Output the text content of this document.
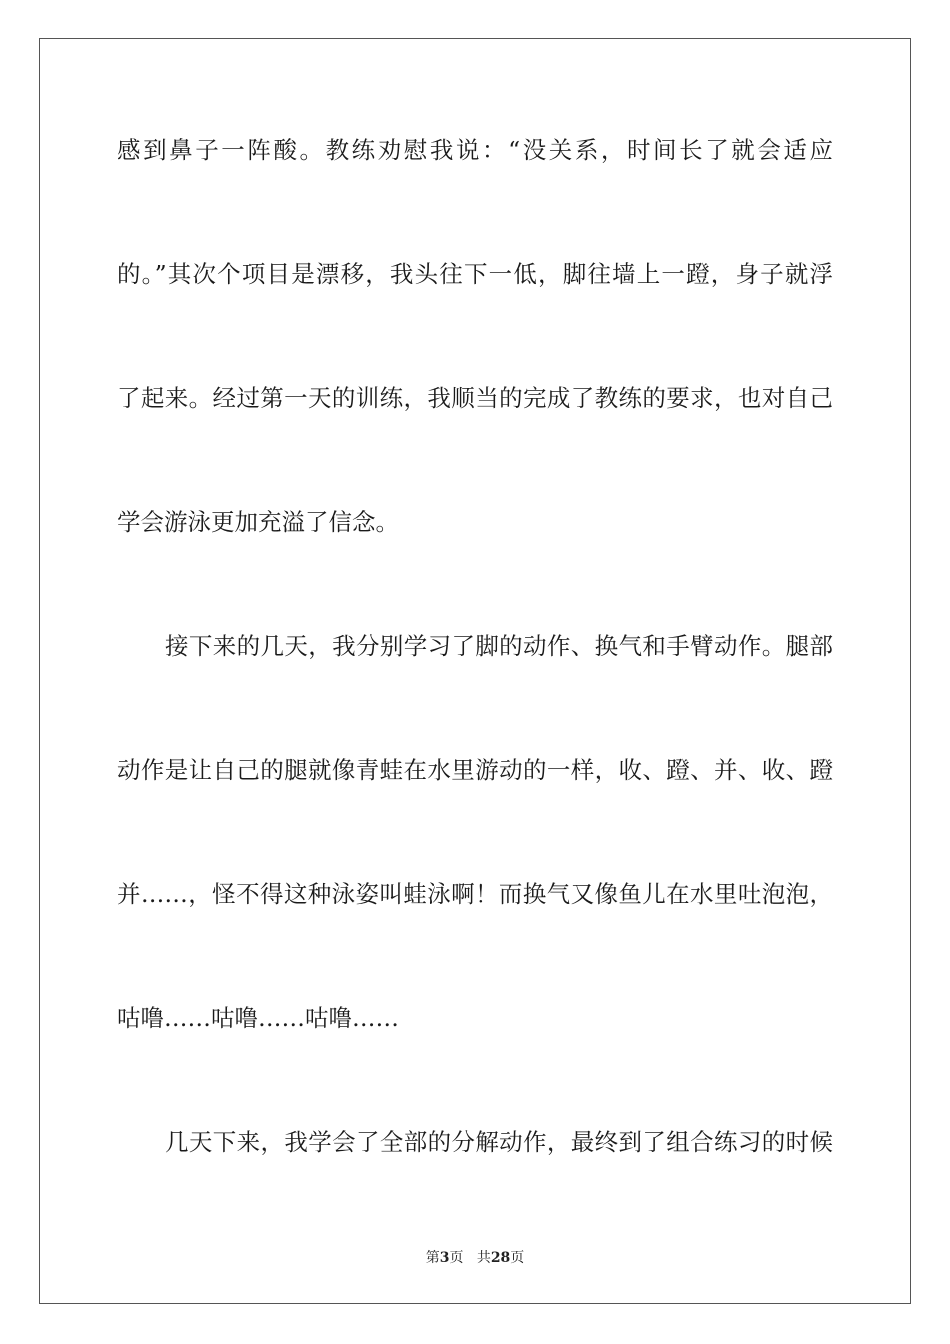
感到鼻子一阵酸。教练劝慰我说：“没关系，时间长了就会适应
的。”其次个项目是漂移，我头往下一低，脚往墙上一蹬，身子就浮
了起来。经过第一天的训练，我顺当的完成了教练的要求，也对自己
学会游泳更加充溢了信念。
接下来的几天，我分别学习了脚的动作、换气和手臂动作。腿部
动作是让自己的腿就像青蛙在水里游动的一样，收、蹬、并、收、蹬
并……，怪不得这种泳姿叫蛙泳啊！而换气又像鱼儿在水里吐泡泡，
咕噜……咕噜……咕噜……
几天下来，我学会了全部的分解动作，最终到了组合练习的时候
第3页 共28页
